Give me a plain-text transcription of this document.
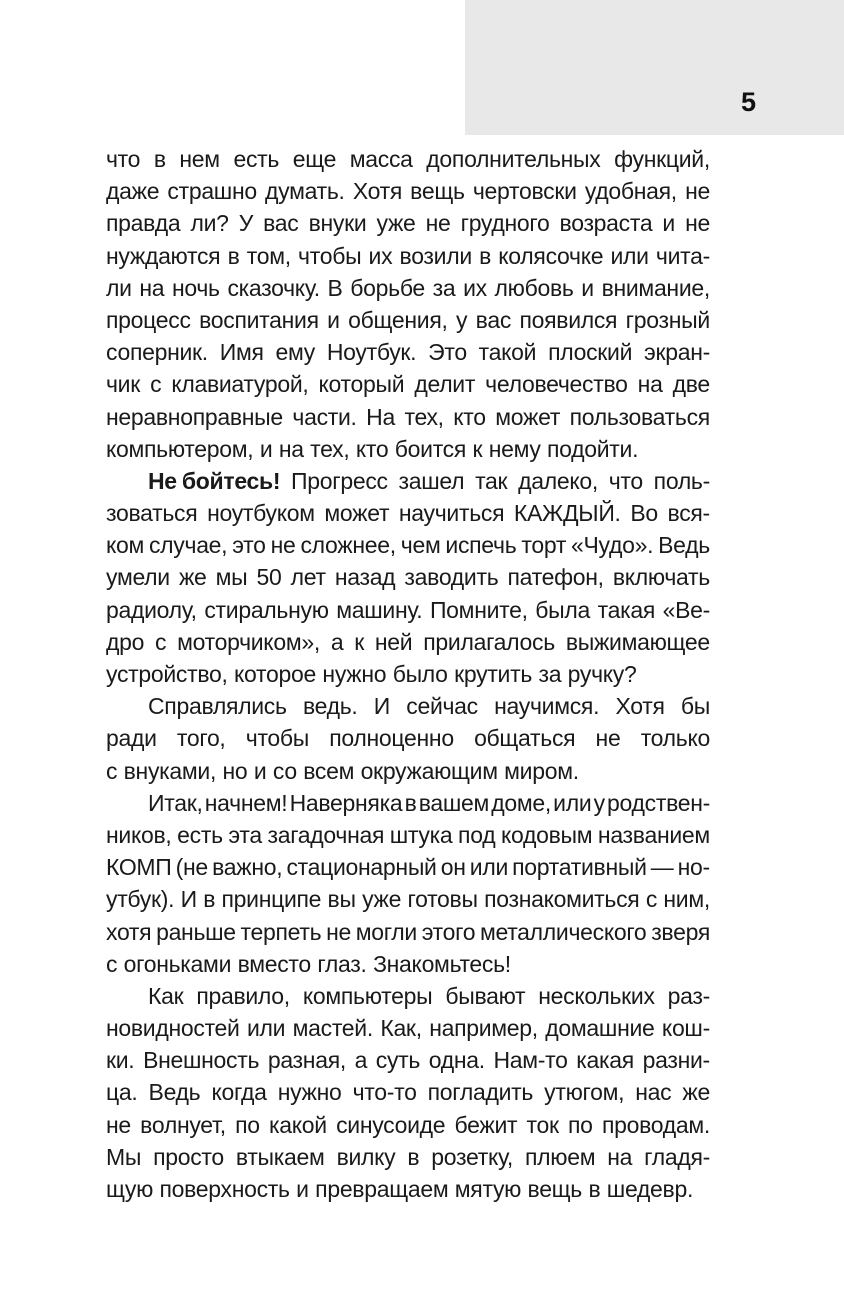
5
что в нем есть еще масса дополнительных функций,
даже страшно думать. Хотя вещь чертовски удобная, не
правда ли? У вас внуки уже не грудного возраста и не
нуждаются в том, чтобы их возили в колясочке или чита-
ли на ночь сказочку. В борьбе за их любовь и внимание,
процесс воспитания и общения, у вас появился грозный
соперник. Имя ему Ноутбук. Это такой плоский экран-
чик с клавиатурой, который делит человечество на две
неравноправные части. На тех, кто может пользоваться
компьютером, и на тех, кто боится к нему подойти.
Не бойтесь! Прогресс зашел так далеко, что поль-
зоваться ноутбуком может научиться КАЖДЫЙ. Во вся-
ком случае, это не сложнее, чем испечь торт «Чудо». Ведь
умели же мы 50 лет назад заводить патефон, включать
радиолу, стиральную машину. Помните, была такая «Ве-
дро с моторчиком», а к ней прилагалось выжимающее
устройство, которое нужно было крутить за ручку?
Справлялись ведь. И сейчас научимся. Хотя бы
ради того, чтобы полноценно общаться не только
с внуками, но и со всем окружающим миром.
Итак, начнем! Наверняка в вашем доме, или у родствен-
ников, есть эта загадочная штука под кодовым названием
КОМП (не важно, стационарный он или портативный — но-
утбук). И в принципе вы уже готовы познакомиться с ним,
хотя раньше терпеть не могли этого металлического зверя
с огоньками вместо глаз. Знакомьтесь!
Как правило, компьютеры бывают нескольких раз-
новидностей или мастей. Как, например, домашние кош-
ки. Внешность разная, а суть одна. Нам-то какая разни-
ца. Ведь когда нужно что-то погладить утюгом, нас же
не волнует, по какой синусоиде бежит ток по проводам.
Мы просто втыкаем вилку в розетку, плюем на гладя-
щую поверхность и превращаем мятую вещь в шедевр.
